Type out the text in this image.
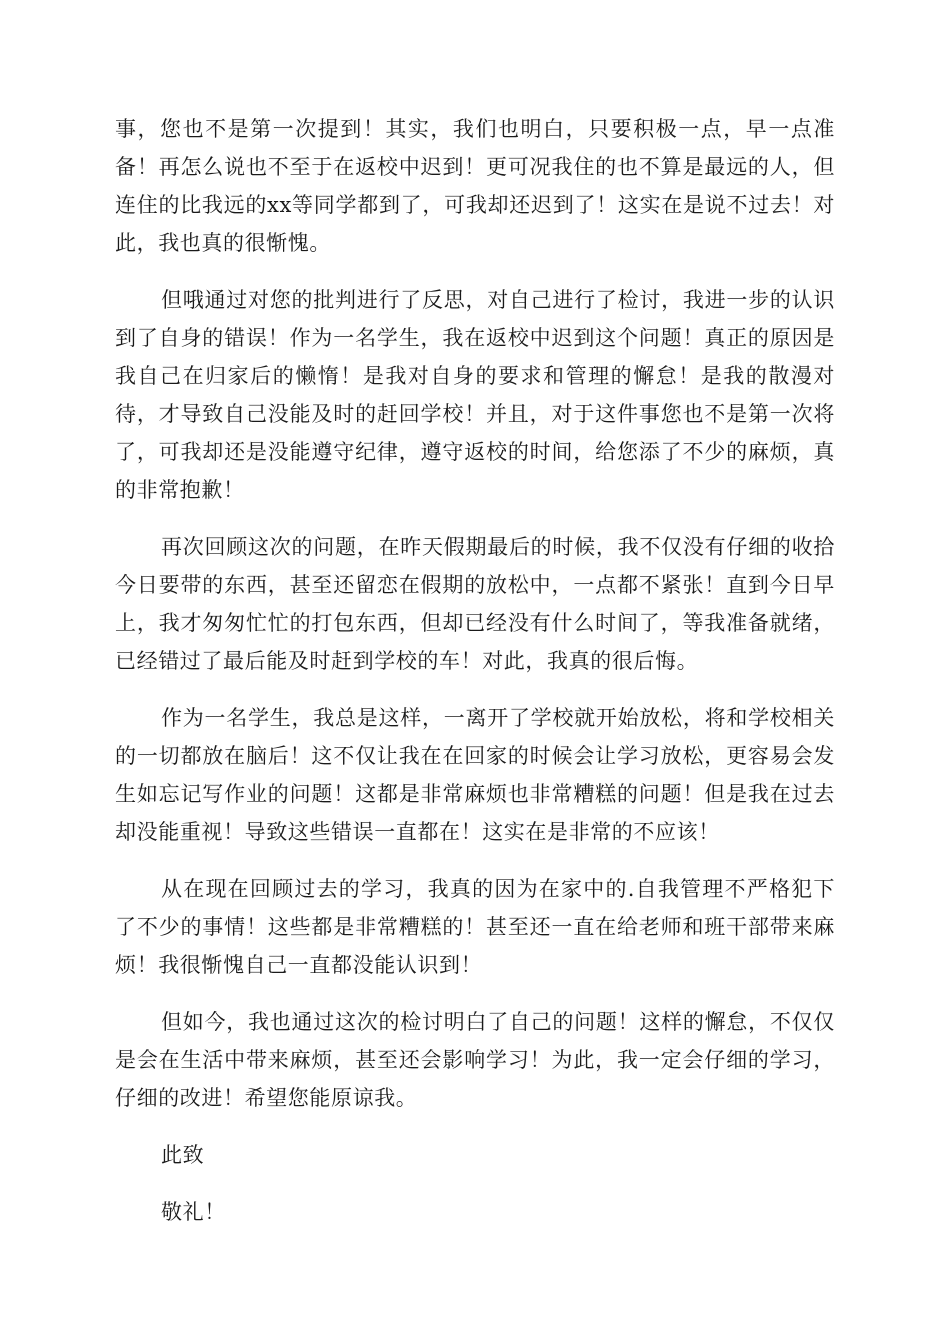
事，您也不是第一次提到！其实，我们也明白，只要积极一点，早一点准备！再怎么说也不至于在返校中迟到！更可况我住的也不算是最远的人，但连住的比我远的xx等同学都到了，可我却还迟到了！这实在是说不过去！对此，我也真的很惭愧。

但哦通过对您的批判进行了反思，对自己进行了检讨，我进一步的认识到了自身的错误！作为一名学生，我在返校中迟到这个问题！真正的原因是我自己在归家后的懒惰！是我对自身的要求和管理的懈怠！是我的散漫对待，才导致自己没能及时的赶回学校！并且，对于这件事您也不是第一次将了，可我却还是没能遵守纪律，遵守返校的时间，给您添了不少的麻烦，真的非常抱歉！

再次回顾这次的问题，在昨天假期最后的时候，我不仅没有仔细的收拾今日要带的东西，甚至还留恋在假期的放松中，一点都不紧张！直到今日早上，我才匆匆忙忙的打包东西，但却已经没有什么时间了，等我准备就绪，已经错过了最后能及时赶到学校的车！对此，我真的很后悔。

作为一名学生，我总是这样，一离开了学校就开始放松，将和学校相关的一切都放在脑后！这不仅让我在在回家的时候会让学习放松，更容易会发生如忘记写作业的问题！这都是非常麻烦也非常糟糕的问题！但是我在过去却没能重视！导致这些错误一直都在！这实在是非常的不应该！

从在现在回顾过去的学习，我真的因为在家中的.自我管理不严格犯下了不少的事情！这些都是非常糟糕的！甚至还一直在给老师和班干部带来麻烦！我很惭愧自己一直都没能认识到！

但如今，我也通过这次的检讨明白了自己的问题！这样的懈怠，不仅仅是会在生活中带来麻烦，甚至还会影响学习！为此，我一定会仔细的学习，仔细的改进！希望您能原谅我。

此致

敬礼！
